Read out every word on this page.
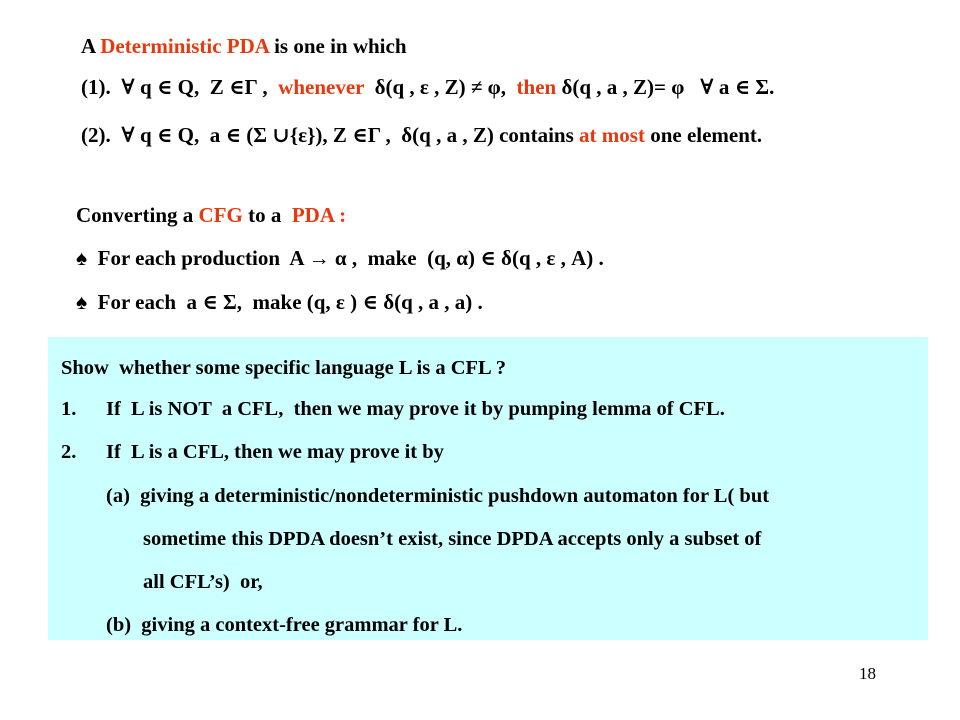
A Deterministic PDA is one in which
(1).  ∀ q ∈ Q,  Z ∈Γ , whenever δ(q , ε , Z) ≠ φ, then δ(q , a , Z)= φ   ∀ a ∈ Σ.
(2).  ∀ q ∈ Q,  a ∈ (Σ ∪{ε}), Z ∈Γ ,  δ(q , a , Z) contains at most one element.
Converting a CFG to a  PDA :
♠ For each production  A → α ,  make  (q, α) ∈ δ(q , ε , A) .
♠ For each  a ∈ Σ,  make (q, ε ) ∈ δ(q , a , a) .
Show  whether some specific language L is a CFL ?
1. If  L is NOT  a CFL,  then we may prove it by pumping lemma of CFL.
2. If  L is a CFL, then we may prove it by
(a)  giving a deterministic/nondeterministic pushdown automaton for L( but
sometime this DPDA doesn’t exist, since DPDA accepts only a subset of
all CFL’s)  or,
(b)  giving a context-free grammar for L.
18
